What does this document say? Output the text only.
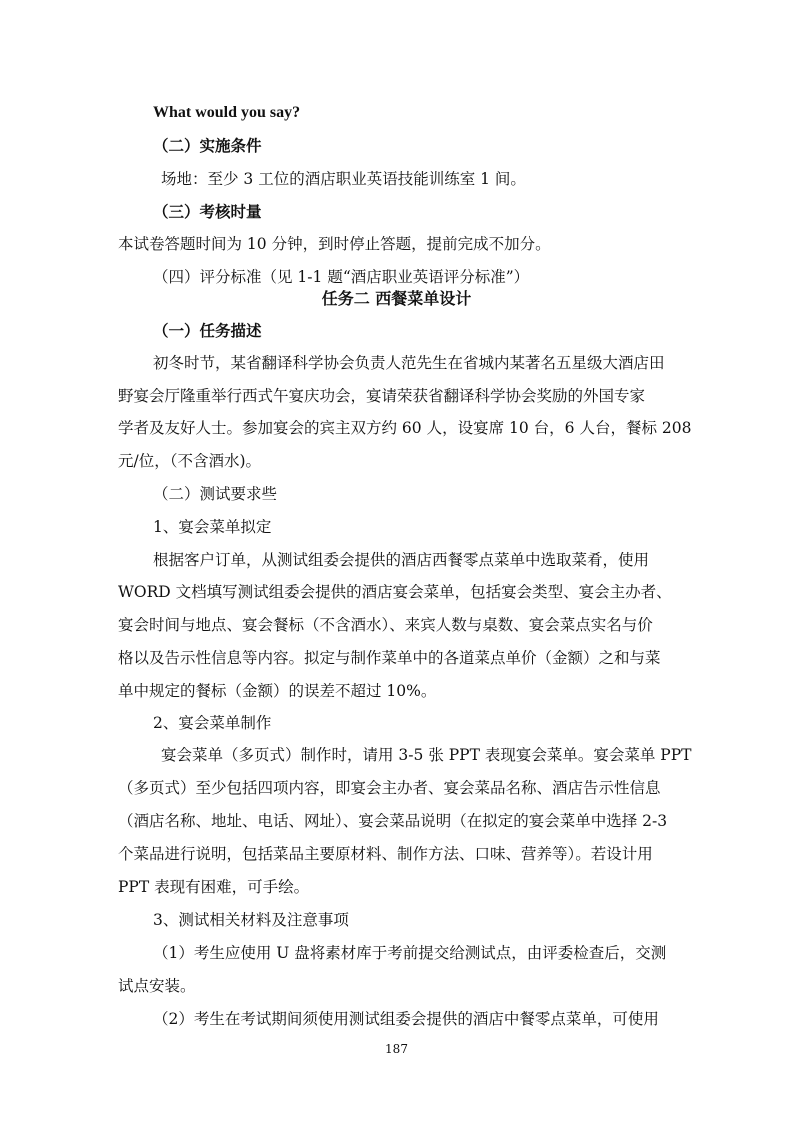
What would you say?
（二）实施条件
场地：至少 3 工位的酒店职业英语技能训练室 1 间。
（三）考核时量
本试卷答题时间为 10 分钟，到时停止答题，提前完成不加分。
（四）评分标准（见 1-1 题“酒店职业英语评分标准”）
任务二 西餐菜单设计
（一）任务描述
初冬时节，某省翻译科学协会负责人范先生在省城内某著名五星级大酒店田
野宴会厅隆重举行西式午宴庆功会，宴请荣获省翻译科学协会奖励的外国专家
学者及友好人士。参加宴会的宾主双方约 60 人，设宴席 10 台，6 人台，餐标 208
元/位，（不含酒水)。
（二）测试要求些
1、宴会菜单拟定
根据客户订单，从测试组委会提供的酒店西餐零点菜单中选取菜肴，使用
WORD 文档填写测试组委会提供的酒店宴会菜单，包括宴会类型、宴会主办者、
宴会时间与地点、宴会餐标（不含酒水）、来宾人数与桌数、宴会菜点实名与价
格以及告示性信息等内容。拟定与制作菜单中的各道菜点单价（金额）之和与菜
单中规定的餐标（金额）的误差不超过 10%。
2、宴会菜单制作
宴会菜单（多页式）制作时，请用 3-5 张 PPT 表现宴会菜单。宴会菜单 PPT
（多页式）至少包括四项内容，即宴会主办者、宴会菜品名称、酒店告示性信息
（酒店名称、地址、电话、网址）、宴会菜品说明（在拟定的宴会菜单中选择 2-3
个菜品进行说明，包括菜品主要原材料、制作方法、口味、营养等）。若设计用
PPT 表现有困难，可手绘。
3、测试相关材料及注意事项
（1）考生应使用 U 盘将素材库于考前提交给测试点，由评委检查后，交测
试点安装。
187
（2）考生在考试期间须使用测试组委会提供的酒店中餐零点菜单，可使用
